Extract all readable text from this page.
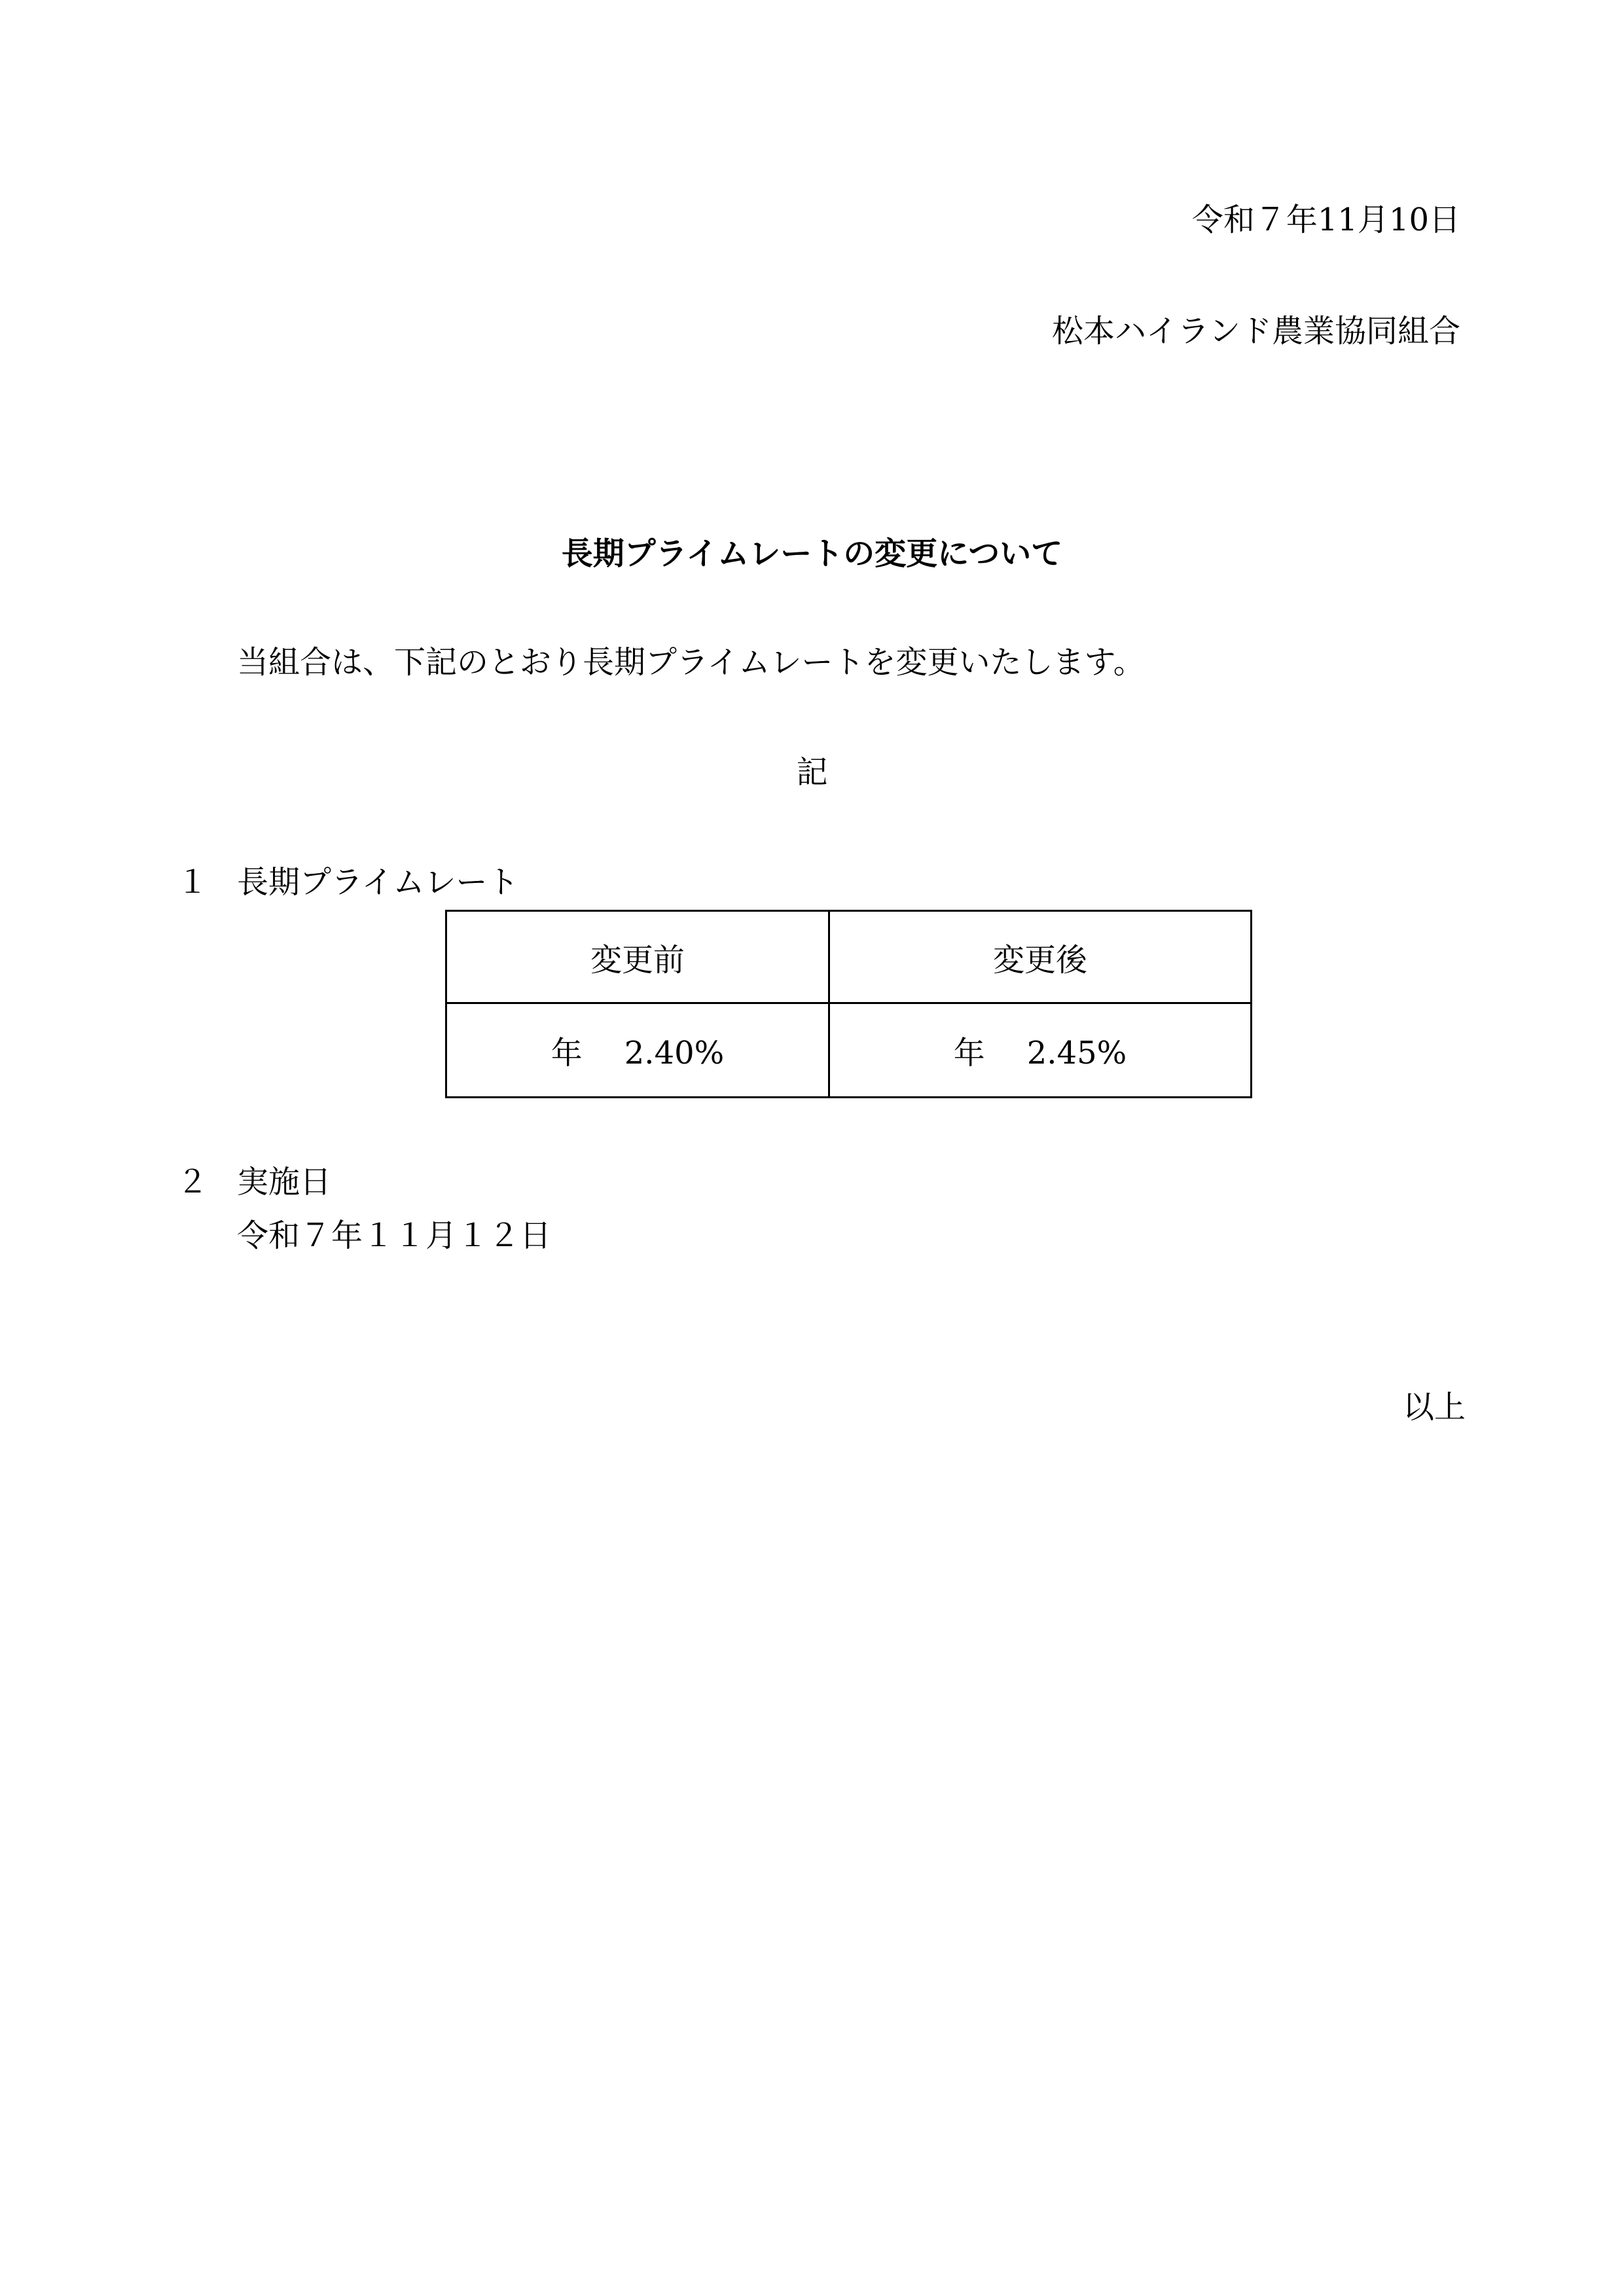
令和７年11月10日
松本ハイランド農業協同組合
長期プライムレートの変更について
当組合は、下記のとおり長期プライムレートを変更いたします。
記
１ 長期プライムレート
変更前	変更後
年 2.40%	年 2.45%
２ 実施日
令和７年１１月１２日
以上
